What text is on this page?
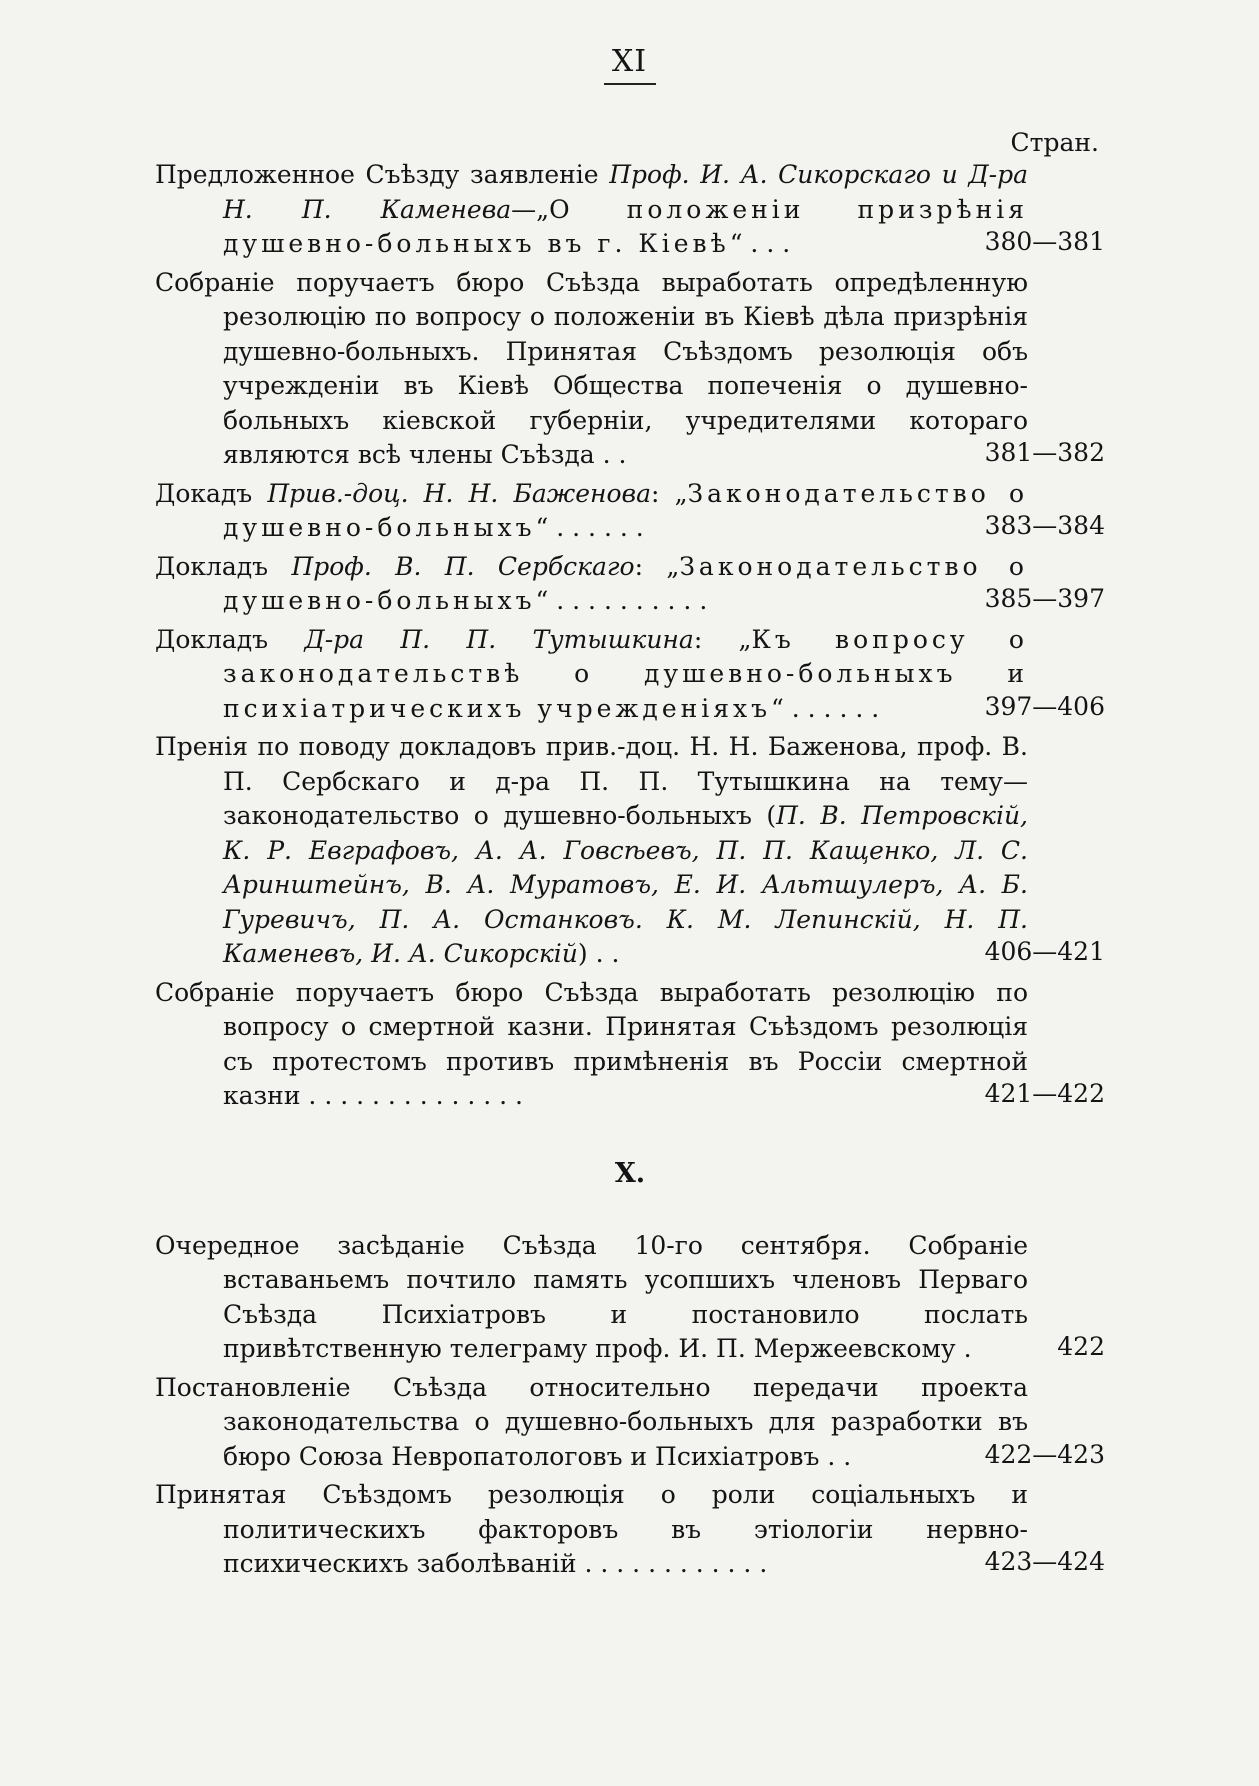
XI
Стран.
Предложенное Съѣзду заявленіе Проф. И. А. Сикорскаго и Д-ра Н. П. Каменева—„О положеніи призрѣнія душевно-больныхъ въ г. Кіевѣ“ . . .	380—381
Собраніе поручаетъ бюро Съѣзда выработать опредѣленную резолюцію по вопросу о положеніи въ Кіевѣ дѣла призрѣнія душевно-больныхъ. Принятая Съѣздомъ резолюція объ учрежденіи въ Кіевѣ Общества попеченія о душевно-больныхъ кіевской губерніи, учредителями котораго являются всѣ члены Съѣзда . .	381—382
Докадъ Прив.-доц. Н. Н. Баженова: „Законодательство о душевно-больныхъ“ . . . . . .	383—384
Докладъ Проф. В. П. Сербскаго: „Законодательство о душевно-больныхъ“ . . . . . . . . . .	385—397
Докладъ Д-ра П. П. Тутышкина: „Къ вопросу о законодательствѣ о душевно-больныхъ и психіатрическихъ учрежденіяхъ“ . . . . . .	397—406
Пренія по поводу докладовъ прив.-доц. Н. Н. Баженова, проф. В. П. Сербскаго и д-ра П. П. Тутышкина на тему—законодательство о душевно-больныхъ (П. В. Петровскій, К. Р. Евграфовъ, А. А. Говсѣевъ, П. П. Кащенко, Л. С. Аринштейнъ, В. А. Муратовъ, Е. И. Альтшулеръ, А. Б. Гуревичъ, П. А. Останковъ. К. М. Лепинскій, Н. П. Каменевъ, И. А. Сикорскій) . .	406—421
Собраніе поручаетъ бюро Съѣзда выработать резолюцію по вопросу о смертной казни. Принятая Съѣздомъ резолюція съ протестомъ противъ примѣненія въ Россіи смертной казни . . . . . . . . . . . . . .	421—422
X.
Очередное засѣданіе Съѣзда 10-го сентября. Собраніе вставаньемъ почтило память усопшихъ членовъ Перваго Съѣзда Психіатровъ и постановило послать привѣтственную телеграму проф. И. П. Мержеевскому .	422
Постановленіе Съѣзда относительно передачи проекта законодательства о душевно-больныхъ для разработки въ бюро Союза Невропатологовъ и Психіатровъ . .	422—423
Принятая Съѣздомъ резолюція о роли соціальныхъ и политическихъ факторовъ въ этіологіи нервно-психическихъ заболѣваній . . . . . . . . . . . .	423—424
